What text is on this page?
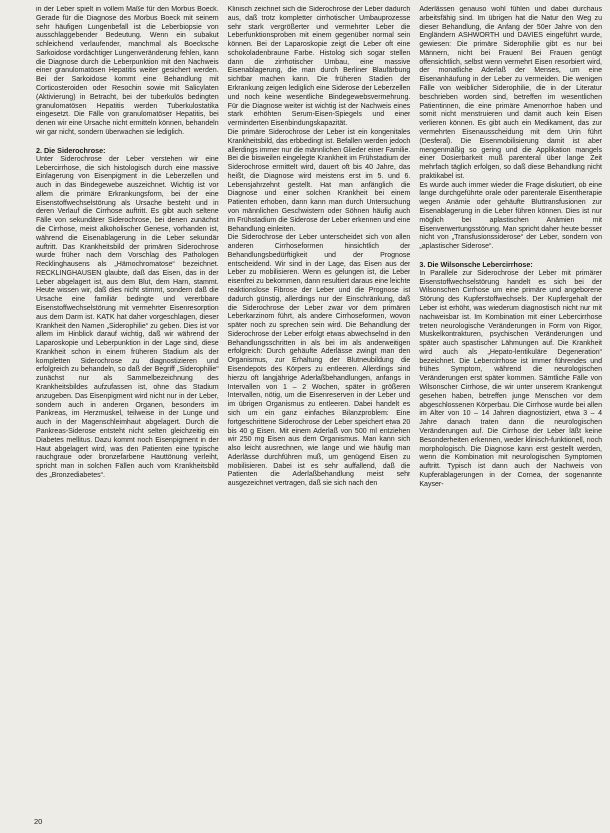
in der Leber spielt in vollem Maße für den Morbus Boeck. Gerade für die Diagnose des Morbus Boeck mit seinem sehr häufigen Lungenbefall ist die Leberbiopsie von ausschlaggebender Bedeutung. Wenn ein subakut schleichend verlaufender, manchmal als Boecksche Sarkoidose vordächtiger Lungenveränderung fehlen, kann die Diagnose durch die Leberpunktion mit den Nachweis einer granulomatösen Hepatitis weiter gesichert werden. Bei der Sarkoidose kommt eine Behandlung mit Corticosteroiden oder Resochin sowie mit Salicylaten (Aktivierung) in Betracht, bei der tuberkulös bedingten granulomatösen Hepatitis werden Tuberkulostatika eingesetzt. Die Fälle von granulomatöser Hepatitis, bei denen wir eine Ursache nicht ermitteln können, behandeln wir gar nicht, sondern überwachen sie lediglich.

2. Die Siderochrose:

Unter Siderochrose der Leber verstehen wir eine Lebercirrhose, die sich histologisch durch eine massive Einlagerung von Eisenpigment in die Leberzellen und auch in das Bindegewebe auszeichnet. Wichtig ist vor allem die primäre Erkrankungsform, bei der eine Eisenstoffwechselstörung als Ursache besteht und in deren Verlauf die Cirrhose auftritt. Es gibt auch seltene Fälle von sekundärer Siderochrose, bei denen zunächst die Cirrhose, meist alkoholischer Genese, vorhanden ist, während die Eisenablagerung in die Leber sekundär auftritt. Das Krankheitsbild der primären Siderochrose wurde früher nach dem Vorschlag des Pathologen Recklinghausens als „Hämochromatose“ bezeichnet. RECKLINGHAUSEN glaubte, daß das Eisen, das in der Leber abgelagert ist, aus dem Blut, dem Harn, stammt. Heute wissen wir, daß dies nicht stimmt, sondern daß die Ursache eine familiär bedingte und vererbbare Eisenstoffwechselstörung mit vermehrter Eisenresorption aus dem Darm ist. KATK hat daher vorgeschlagen, dieser Krankheit den Namen „Siderophilie“ zu geben. Dies ist vor allem im Hinblick darauf wichtig, daß wir während der Laparoskopie und Leberpunktion in der Lage sind, diese Krankheit schon in einem früheren Stadium als der kompletten Siderochrose zu diagnostizieren und erfolgreich zu behandeln, so daß der Begriff „Siderophilie“ zunächst nur als Sammelbezeichnung des Krankheitsbildes aufzufassen ist, ohne das Stadium anzugeben. Das Eisenpigment wird nicht nur in der Leber, sondern auch in anderen Organen, besonders im Pankreas, im Herzmuskel, teilweise in der Lunge und auch in der Magenschleimhaut abgelagert. Durch die Pankreas-Siderose entsteht nicht selten gleichzeitig ein Diabetes mellitus. Dazu kommt noch Eisenpigment in der Haut abgelagert wird, was den Patienten eine typische rauchgraue oder bronzefarbene Hauttönung verleiht, spricht man in solchen Fällen auch vom Krankheitsbild des „Bronzediabetes“.

Klinisch zeichnet sich die Siderochrose der Leber dadurch aus, daß trotz kompletter cirrhotischer Umbauprozesse sehr stark vergrößerter und vermehrter Leber die Leberfunktionsproben mit einem gegenüber normal sein können. Bei der Laparoskopie zeigt die Leber oft eine schokoladenbraune Farbe. Histolog sich sogar stellen dann die zirrhotischer Umbau, eine massive Eisenablagerung, die man durch Berliner Blaufärbung sichtbar machen kann. Die früheren Stadien der Erkrankung zeigen lediglich eine Siderose der Leberzellen und noch keine wesentliche Bindegewebsvermehrung. Für die Diagnose weiter ist wichtig ist der Nachweis eines stark erhöhten Serum-Eisen-Spiegels und einer verminderten Eisenbindungskapazität.

Die primäre Siderochrose der Leber ist ein kongenitales Krankheitsbild, das erbbedingt ist. Befallen werden jedoch allerdings immer nur die männlichen Glieder einer Familie. Bei die bisweilen eingelegte Krankheit im Frühstadium der Siderochrose ermittelt wird, dauert oft bis 40 Jahre, das heißt, die Diagnose wird meistens erst im 5. und 6. Lebensjahrzehnt gestellt. Hat man anfänglich die Diagnose und einer solchen Krankheit bei einem Patienten erhoben, dann kann man durch Untersuchung von männlichen Geschwistern oder Söhnen häufig auch im Frühstadium die Siderose der Leber erkennen und eine Behandlung einleiten.

Die Siderochrose der Leber unterscheidet sich von allen anderen Cirrhoseformen hinsichtlich der Behandlungsbedürftigkeit und der Prognose entscheidend. Wir sind in der Lage, das Eisen aus der Leber zu mobilisieren. Wenn es gelungen ist, die Leber eisenfrei zu bekommen, dann resultiert daraus eine leichte reaktionslose Fibrose der Leber und die Prognose ist dadurch günstig, allerdings nur der Einschränkung, daß die Siderochrose der Leber zwar vor dem primären Leberkarzinom führt, als andere Cirrhoseformen, wovon später noch zu sprechen sein wird. Die Behandlung der Siderochrose der Leber erfolgt etwas abwechselnd in den Behandlungsschritten in als bei im als anderweitigen erfolgreich: Durch gehäufte Aderlässe zwingt man den Organismus, zur Erhaltung der Blutneubildung die Eisendepots des Körpers zu entleeren. Allerdings sind hierzu oft langjährige Aderlaßbehandlungen, anfangs in Intervallen von 1 – 2 Wochen, später in größeren Intervallen, nötig, um die Eisenreserven in der Leber und im übrigen Organismus zu entleeren. Dabei handelt es sich um ein ganz einfaches Bilanzproblem: Eine fortgeschrittene Siderochrose der Leber speichert etwa 20 bis 40 g Eisen. Mit einem Aderlaß von 500 ml entziehen wir 250 mg Eisen aus dem Organismus. Man kann sich also leicht ausrechnen, wie lange und wie häufig man Aderlässe durchführen muß, um genügend Eisen zu mobilisieren. Dabei ist es sehr auffallend, daß die Patienten die Aderlaßbehandlung meist sehr ausgezeichnet vertragen, daß sie sich nach den

Aderlässen genauso wohl fühlen und dabei durchaus arbeitsfähig sind. Im übrigen hat die Natur den Weg zu dieser Behandlung, die Anfang der 50er Jahre von den Engländern ASHWORTH und DAVIES eingeführt wurde, gewiesen: Die primäre Siderophilie gibt es nur bei Männern, nicht bei Frauen! Bei Frauen genügt offensichtlich, selbst wenn vermehrt Eisen resorbiert wird, der monatliche Aderlaß der Menses, um eine Eisenanhäufung in der Leber zu vermeiden. Die wenigen Fälle von weiblicher Siderophilie, die in der Literatur beschrieben worden sind, betreffen im wesentlichen Patientinnen, die eine primäre Amenorrhoe haben und somit nicht menstruieren und damit auch kein Eisen verlieren können. Es gibt auch ein Medikament, das zur vermehrten Eisenausscheidung mit dem Urin führt (Desferal). Die Eisenmobilisierung damit ist aber mengenmäßig so gering und die Applikation mangels einer Dosierbarkeit muß parenteral über lange Zeit mehrfach täglich erfolgen, so daß diese Behandlung nicht praktikabel ist.

Es wurde auch immer wieder die Frage diskutiert, ob eine lange durchgeführte orale oder parenterale Eisentherapie wegen Anämie oder gehäufte Bluttransfusionen zur Eisenablagerung in die Leber führen können. Dies ist nur möglich bei aplastischen Anämien mit Eisenverwertungsstörung. Man spricht daher heute besser nicht von „Transfusionssiderose“ der Leber, sondern von „aplastischer Siderose“.

3. Die Wilsonsche Lebercirrhose:

In Parallele zur Siderochrose der Leber mit primärer Eisenstoffwechselstörung handelt es sich bei der Wilsonschen Cirrhose um eine primäre und angeborene Störung des Kupferstoffwechsels. Der Kupfergehalt der Leber ist erhöht, was wiederum diagnostisch nicht nur mit nachweisbar ist. Im Kombination mit einer Lebercirrhose treten neurologische Veränderungen in Form von Rigor, Muskelkontrakturen, psychischen Veränderungen und später auch spastischer Lähmungen auf. Die Krankheit wird auch als „Hepato-lentikuläre Degeneration“ bezeichnet. Die Lebercirrhose ist immer führendes und frühes Symptom, während die neurologischen Veränderungen erst später kommen. Sämtliche Fälle von Wilsonscher Cirrhose, die wir unter unserem Krankengut gesehen haben, betreffen junge Menschen vor dem abgeschlossenen Körperbau. Die Cirrhose wurde bei allen im Alter von 10 – 14 Jahren diagnostiziert, etwa 3 – 4 Jahre danach traten dann die neurologischen Veränderungen auf. Die Cirrhose der Leber läßt keine Besonderheiten erkennen, weder klinisch-funktionell, noch morphologisch. Die Diagnose kann erst gestellt werden, wenn die Kombination mit neurologischen Symptomen auftritt. Typisch ist dann auch der Nachweis von Kupferablagerungen in der Cornea, der sogenannte Kayser-

20
